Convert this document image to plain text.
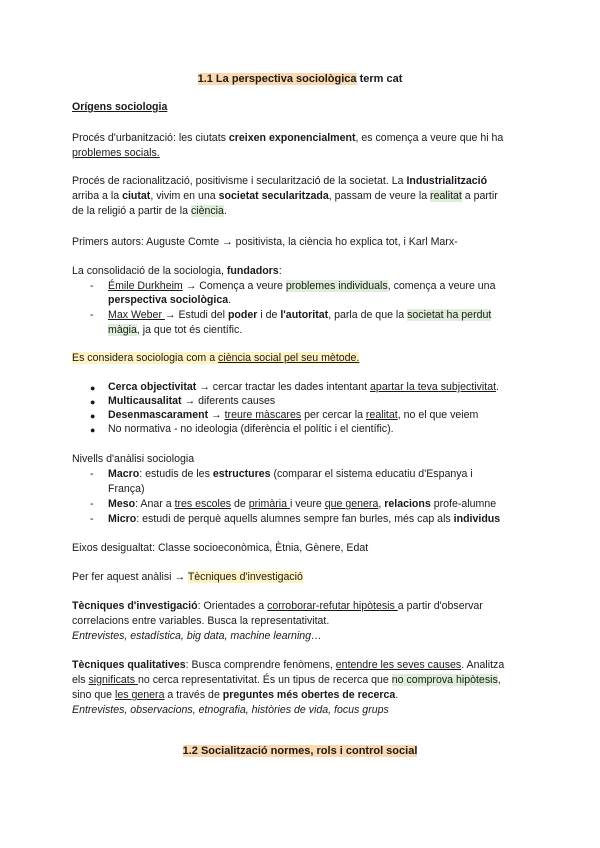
1.1 La perspectiva sociològica term cat
Orígens sociologia
Procés d'urbanització: les ciutats creixen exponencialment, es comença a veure que hi ha
problemes socials.
Procés de racionalització, positivisme i secularització de la societat. La Industrialització
arriba a la ciutat, vivim en una societat secularitzada, passam de veure la realitat a partir
de la religió a partir de la ciència.
Primers autors: Auguste Comte → positivista, la ciència ho explica tot, i Karl Marx-
La consolidació de la sociologia, fundadors:
- Émile Durkheim → Comença a veure problemes individuals, comença a veure una
perspectiva sociològica.
- Max Weber → Estudi del poder i de l'autoritat, parla de que la societat ha perdut
màgia, ja que tot és científic.
Es considera sociologia com a ciència social pel seu mètode.
● Cerca objectivitat → cercar tractar les dades intentant apartar la teva subjectivitat.
● Multicausalitat → diferents causes
● Desenmascarament → treure màscares per cercar la realitat, no el que veiem
● No normativa - no ideologia (diferència el polític i el científic).
Nivells d'anàlisi sociologia
- Macro: estudis de les estructures (comparar el sistema educatiu d'Espanya i
França)
- Meso: Anar a tres escoles de primària i veure que genera, relacions profe-alumne
- Micro: estudi de perquè aquells alumnes sempre fan burles, més cap als individus
Eixos desigualtat: Classe socioeconòmica, Ètnia, Gènere, Edat
Per fer aquest anàlisi → Tècniques d'investigació
Tècniques d'investigació: Orientades a corroborar-refutar hipòtesis a partir d'observar
correlacions entre variables. Busca la representativitat.
Entrevistes, estadística, big data, machine learning…
Tècniques qualitatives: Busca comprendre fenòmens, entendre les seves causes. Analitza
els significats no cerca representativitat. És un tipus de recerca que no comprova hipòtesis,
sino que les genera a través de preguntes més obertes de recerca.
Entrevistes, observacions, etnografia, històries de vida, focus grups
1.2 Socialització normes, rols i control social
